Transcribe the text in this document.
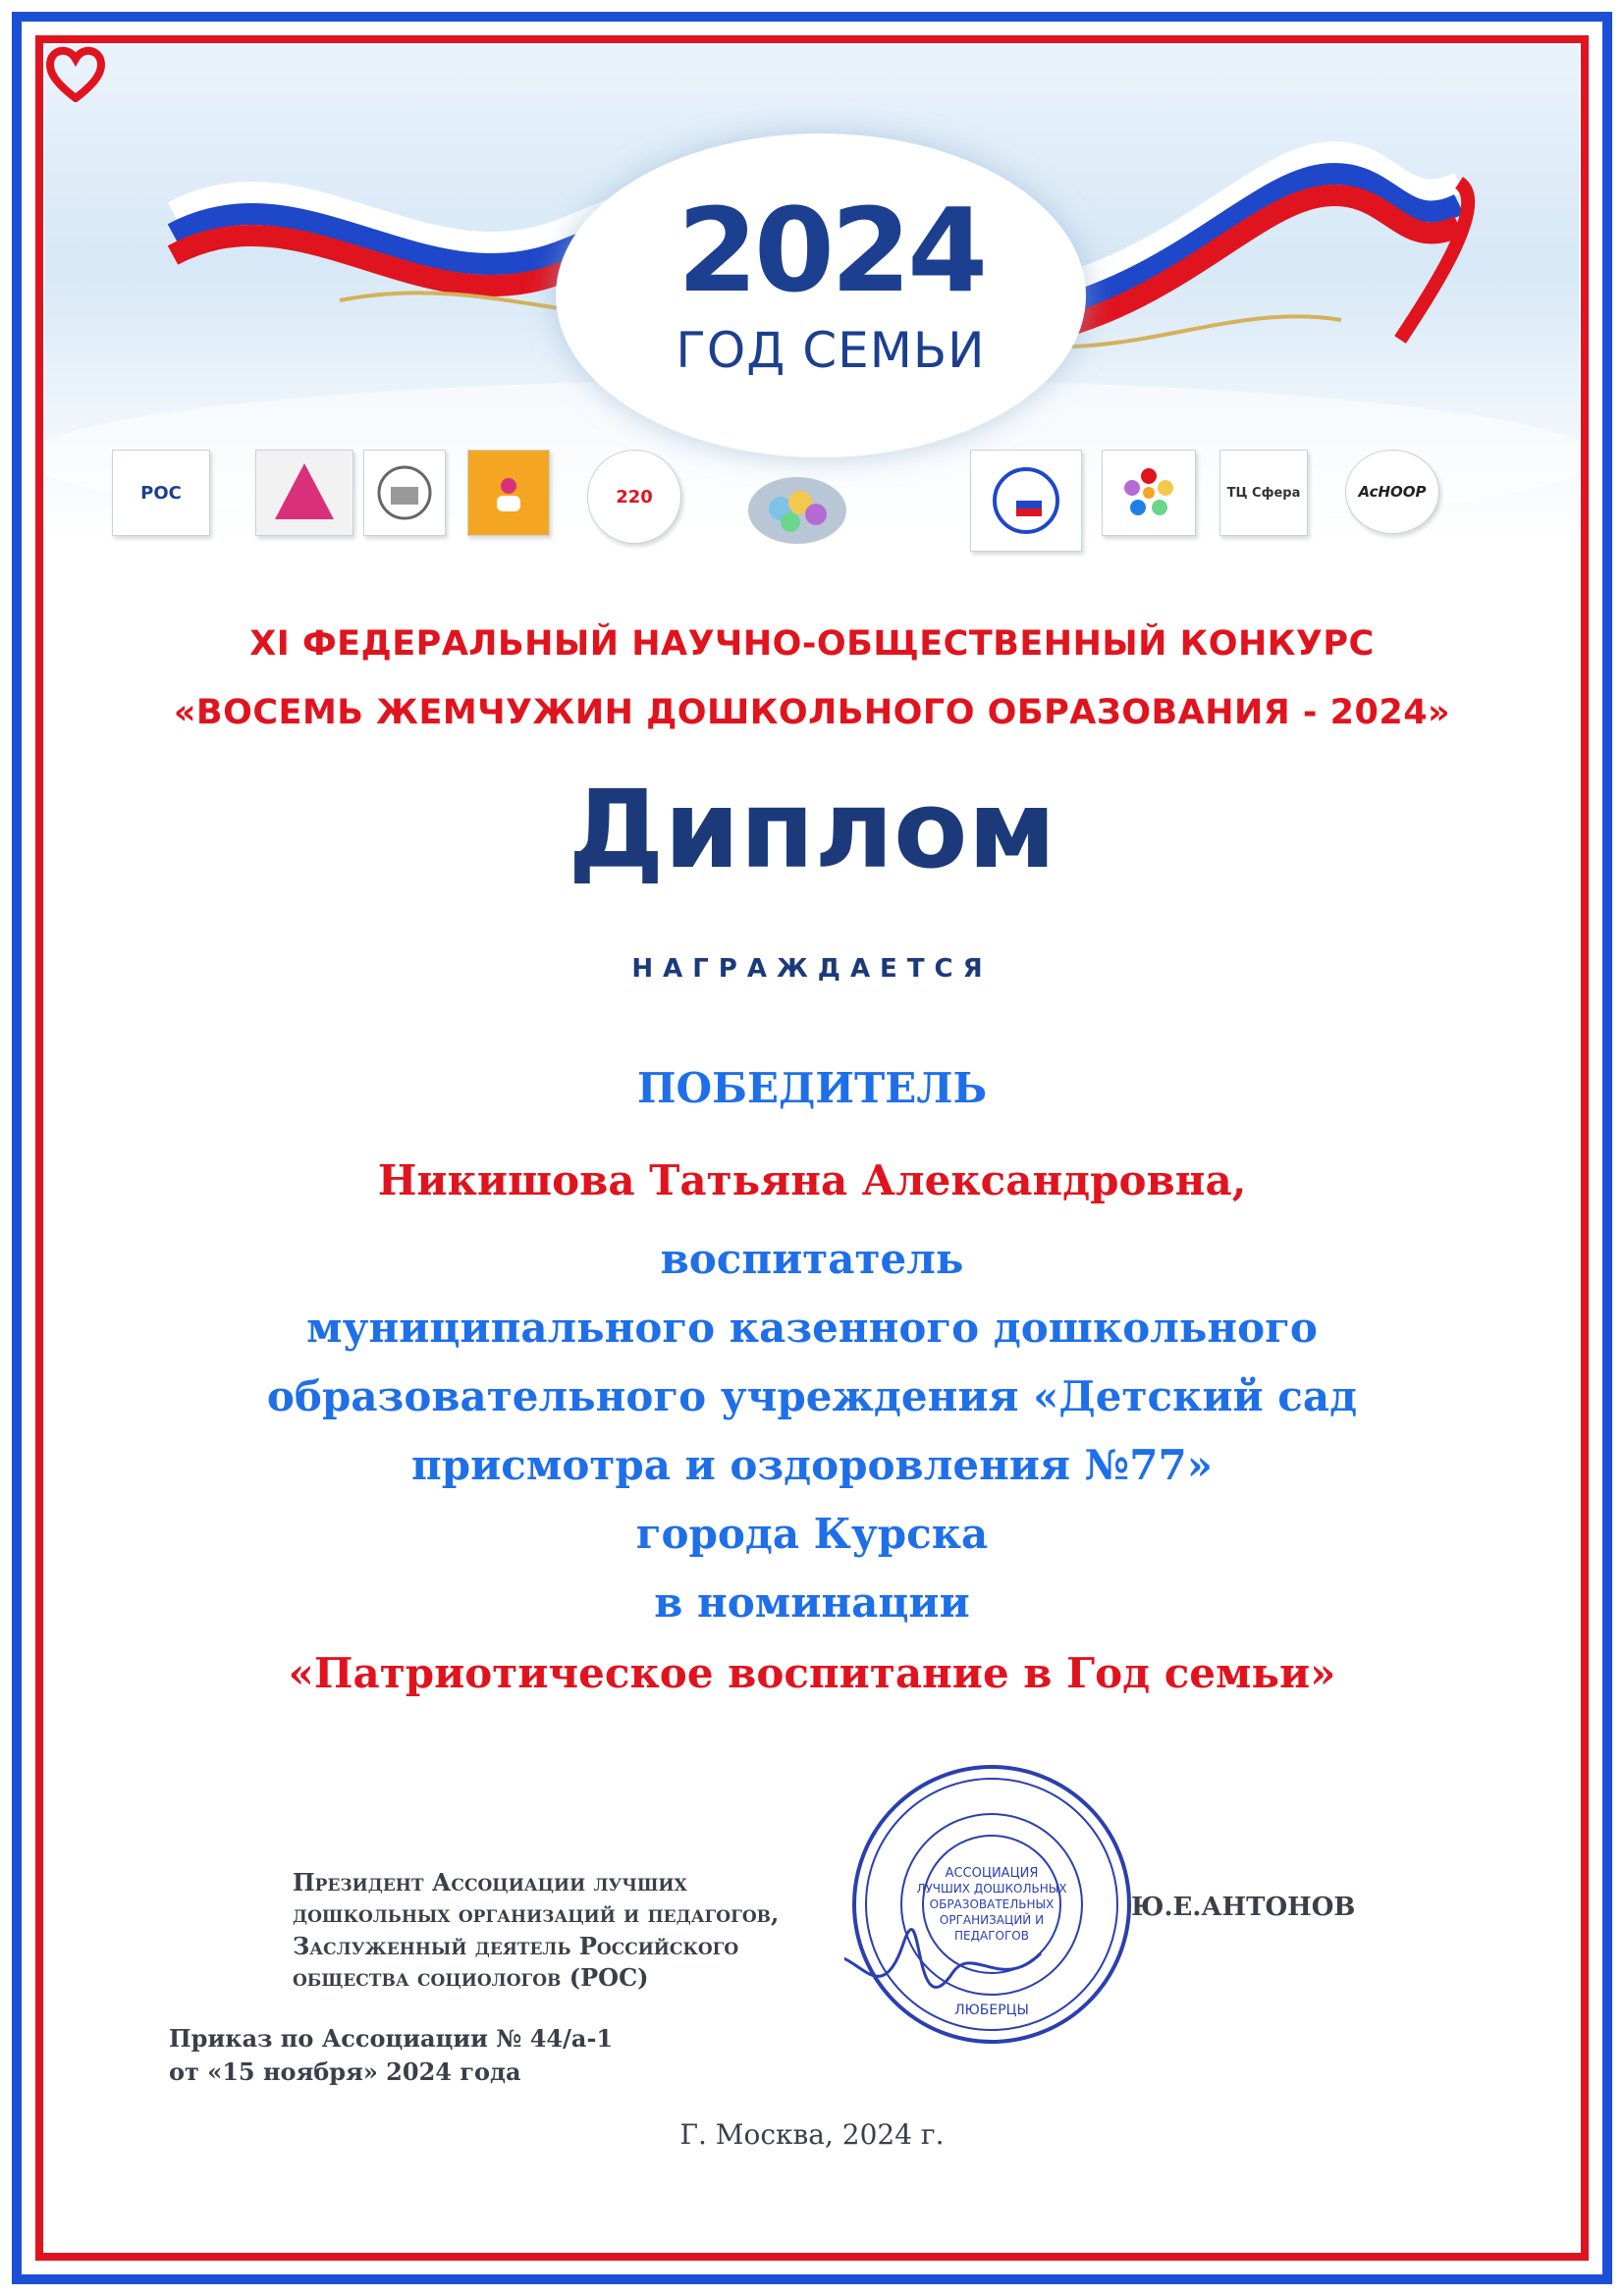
2024
ГОД СЕМЬИ
РОС	220	ТЦ Сфера	AcHOOP

XI ФЕДЕРАЛЬНЫЙ НАУЧНО-ОБЩЕСТВЕННЫЙ КОНКУРС

«ВОСЕМЬ ЖЕМЧУЖИН ДОШКОЛЬНОГО ОБРАЗОВАНИЯ - 2024»

Диплом
НАГРАЖДАЕТСЯ
ПОБЕДИТЕЛЬ
Никишова Татьяна Александровна,
воспитатель
муниципального казенного дошкольного
образовательного учреждения «Детский сад
присмотра и оздоровления №77»
города Курска
в номинации
«Патриотическое воспитание в Год семьи»
Президент Ассоциации лучших
дошкольных организаций и педагогов,
Заслуженный деятель Российского
общества социологов (РОС)
АССОЦИАЦИЯ
ЛУЧШИХ ДОШКОЛЬНЫХ
ОБРАЗОВАТЕЛЬНЫХ
ОРГАНИЗАЦИЙ И
ПЕДАГОГОВ
ЛЮБЕРЦЫ
Ю.Е.АНТОНОВ
Приказ по Ассоциации № 44/а-1
от «15 ноября» 2024 года
Г. Москва, 2024 г.
